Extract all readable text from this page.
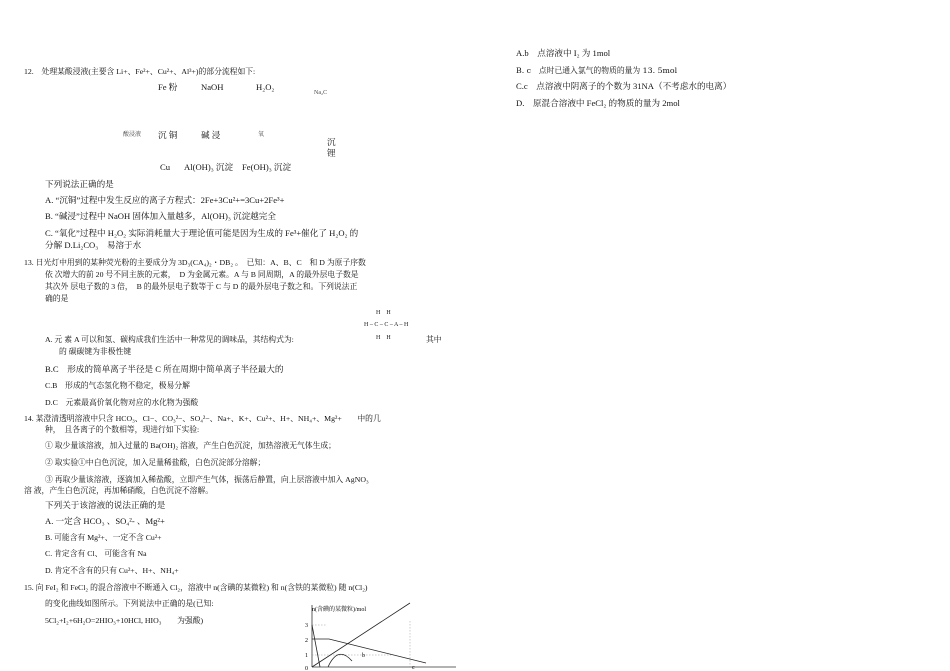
A.b　点溶液中 I₂ 为 1mol
B. c　点时已通入氯气的物质的量为 13. 5mol
C.c　点溶液中阴离子的个数为 31NA（不考虑水的电离）
D.　原混合溶液中 FeCl₂ 的物质的量为 2mol
12.　处理某酸浸液(主要含 Li+、Fe²+、Cu²+、Al³+)的部分流程如下:
Fe 粉	NaOH	H₂O₂
Na₂C
酸浸液 沉 铜	碱 浸	氧
沉
锂
Cu Al(OH)₃ 沉淀 Fe(OH)₃ 沉淀
下列说法正确的是
A. “沉铜”过程中发生反应的离子方程式：2Fe+3Cu²+=3Cu+2Fe³+
B. “碱浸”过程中 NaOH 固体加入量越多，Al(OH)₃ 沉淀越完全
C. “氧化”过程中 H₂O₂ 实际消耗量大于理论值可能是因为生成的 Fe³+催化了 H₂O₂ 的
分解 D.Li₂CO₃　易溶于水
13. 日光灯中用到的某种荧光粉的主要成分为 3D₃(CA₄)₂・DB₂ 。　已知：A、B、C　和 D 为原子序数
依 次增大的前 20 号不同主族的元素，　D 为金属元素。A 与 B 同周期，A 的最外层电子数是
其次外 层电子数的 3 倍，　B 的最外层电子数等于 C 与 D 的最外层电子数之和。下列说法正
确的是
H　H
H – C – C – A – H
H　H
A. 元 素 A 可以和氢、碳构成我们生活中一种常见的调味品，其结构式为:	其中
的 碳碳键为非极性键
B.C　形成的简单离子半径是 C 所在周期中简单离子半径最大的
C.B　形成的气态氢化物不稳定，极易分解
D.C　元素最高价氧化物对应的水化物为强酸
14. 某澄清透明溶液中只含 HCO₃、Cl−、CO₃²−、SO₄²−、Na+、K+、Cu²+、H+、NH₄+、Mg²+　　中的几
种，　且各离子的个数相等，现进行如下实验:
① 取少量该溶液，加入过量的 Ba(OH)₂ 溶液，产生白色沉淀，加热溶液无气体生成；
② 取实验①中白色沉淀，加入足量稀盐酸，白色沉淀部分溶解；
③ 再取少量该溶液，逐滴加入稀盐酸，立即产生气体，振荡后静置，向上层溶液中加入 AgNO₃
溶 液，产生白色沉淀，再加稀硝酸，白色沉淀不溶解。
下列关于该溶液的说法正确的是
A. 一定含 HCO₃ 、SO₄²- 、Mg²+
B. 可能含有 Mg²+、一定不含 Cu²+
C. 肯定含有 Cl、 可能含有 Na
D. 肯定不含有的只有 Cu²+、H+、NH₄+
15. 向 FeI₂ 和 FeCl₂ 的混合溶液中不断通入 Cl₂，溶液中 n(含碘的某微粒) 和 n(含铁的某微粒) 随 n(Cl₂)
的变化曲线如图所示。下列说法中正确的是(已知:
5Cl₂+I₂+6H₂O=2HIO₃+10HCl, HIO₃　　为强酸)
n(含碘的某微粒)/mol
3
2
1
0
b
c
